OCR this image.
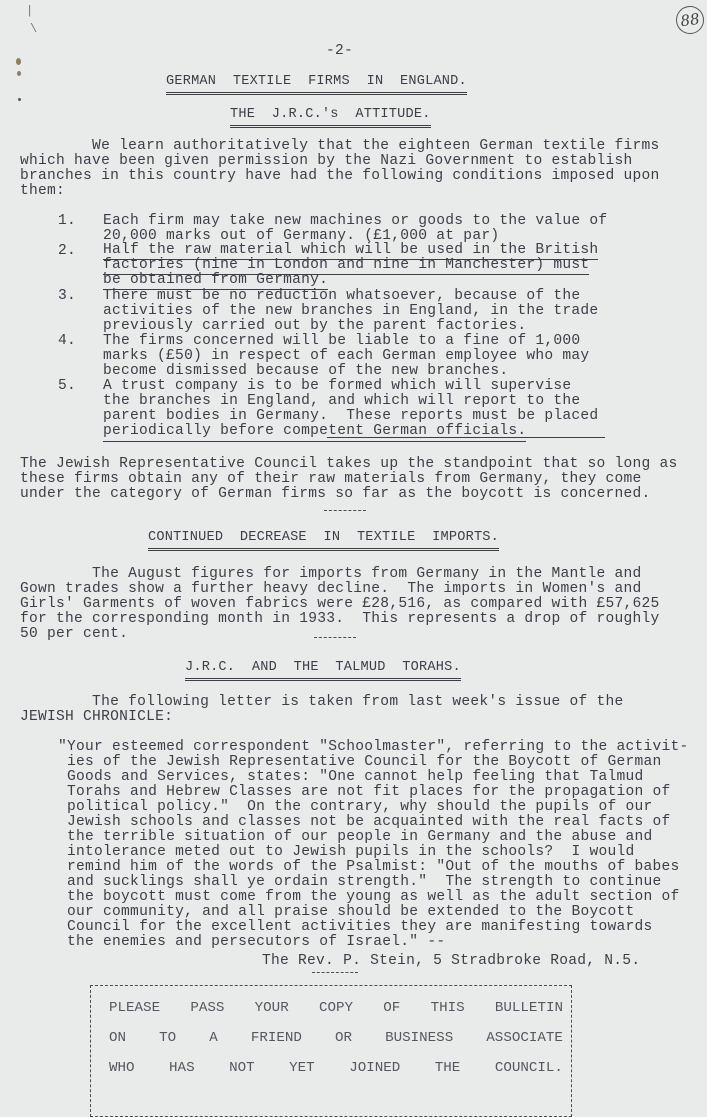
|
\	88
-2-
GERMAN  TEXTILE  FIRMS  IN  ENGLAND.
THE  J.R.C.'s  ATTITUDE.
We learn authoritatively that the eighteen German textile firms
which have been given permission by the Nazi Government to establish
branches in this country have had the following conditions imposed upon
them:
1. Each firm may take new machines or goods to the value of
20,000 marks out of Germany. (£1,000 at par)
2. Half the raw material which will be used in the British
factories (nine in London and nine in Manchester) must
be obtained from Germany.
3. There must be no reduction whatsoever, because of the
activities of the new branches in England, in the trade
previously carried out by the parent factories.
4. The firms concerned will be liable to a fine of 1,000
marks (£50) in respect of each German employee who may
become dismissed because of the new branches.
5. A trust company is to be formed which will supervise
the branches in England, and which will report to the
parent bodies in Germany.  These reports must be placed
periodically before competent German officials.
The Jewish Representative Council takes up the standpoint that so long as
these firms obtain any of their raw materials from Germany, they come
under the category of German firms so far as the boycott is concerned.
CONTINUED  DECREASE  IN  TEXTILE  IMPORTS.
The August figures for imports from Germany in the Mantle and
Gown trades show a further heavy decline.  The imports in Women's and
Girls' Garments of woven fabrics were £28,516, as compared with £57,625
for the corresponding month in 1933.  This represents a drop of roughly
50 per cent.
J.R.C.  AND  THE  TALMUD  TORAHS.
The following letter is taken from last week's issue of the
JEWISH CHRONICLE:
"Your esteemed correspondent "Schoolmaster", referring to the activit-
ies of the Jewish Representative Council for the Boycott of German
Goods and Services, states: "One cannot help feeling that Talmud
Torahs and Hebrew Classes are not fit places for the propagation of
political policy."  On the contrary, why should the pupils of our
Jewish schools and classes not be acquainted with the real facts of
the terrible situation of our people in Germany and the abuse and
intolerance meted out to Jewish pupils in the schools?  I would
remind him of the words of the Psalmist: "Out of the mouths of babes
and sucklings shall ye ordain strength."  The strength to continue
the boycott must come from the young as well as the adult section of
our community, and all praise should be extended to the Boycott
Council for the excellent activities they are manifesting towards
the enemies and persecutors of Israel." --
The Rev. P. Stein, 5 Stradbroke Road, N.5.
PLEASE PASS YOUR COPY OF THIS BULLETIN
ON TO A FRIEND OR BUSINESS ASSOCIATE
WHO HAS NOT YET JOINED THE COUNCIL.
